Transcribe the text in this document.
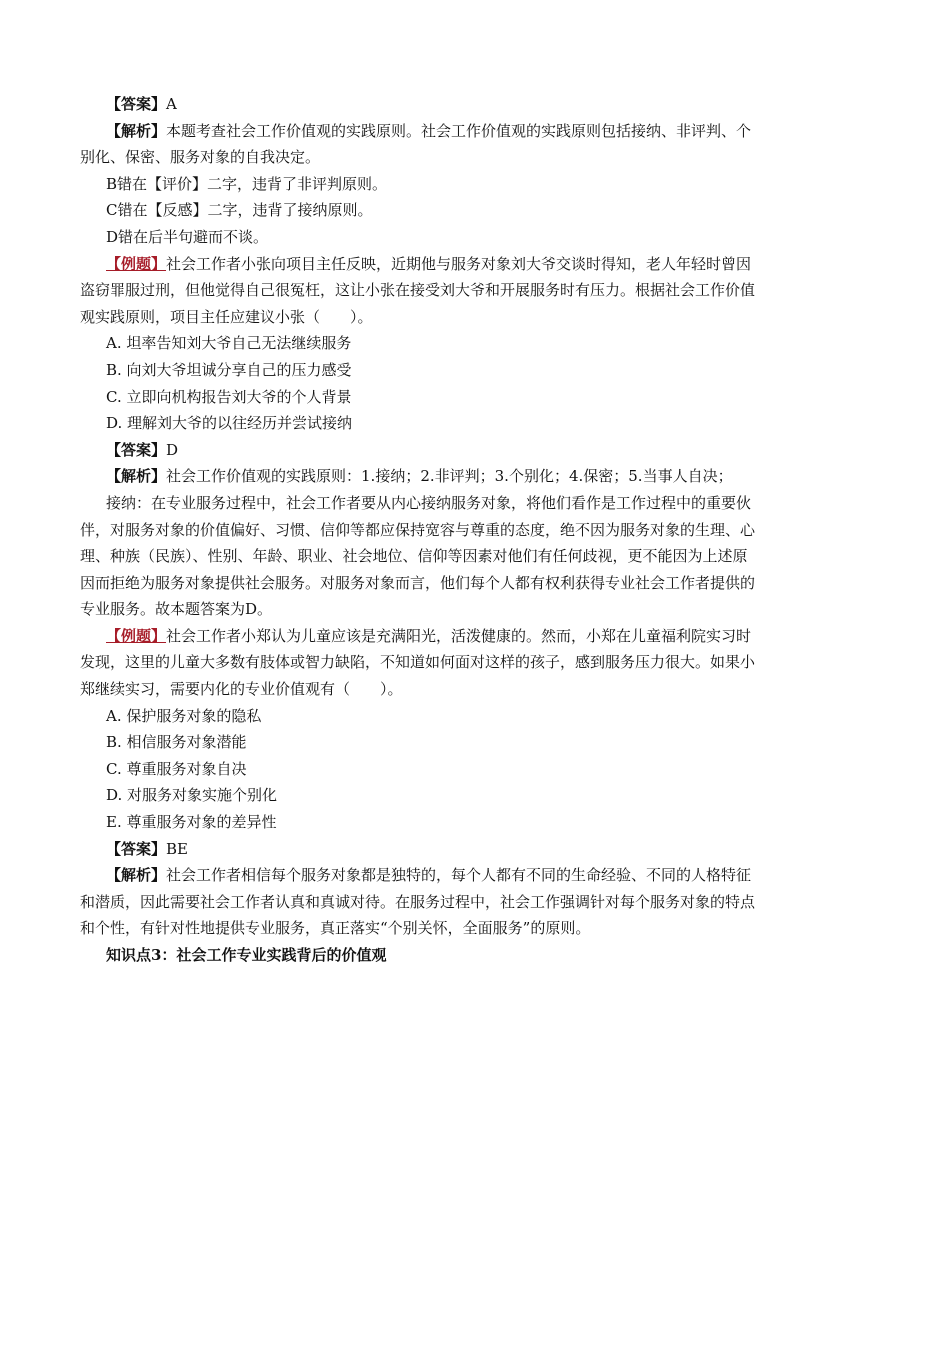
【答案】A

【解析】本题考查社会工作价值观的实践原则。社会工作价值观的实践原则包括接纳、非评判、个

别化、保密、服务对象的自我决定。

B错在【评价】二字，违背了非评判原则。

C错在【反感】二字，违背了接纳原则。

D错在后半句避而不谈。

【例题】社会工作者小张向项目主任反映，近期他与服务对象刘大爷交谈时得知，老人年轻时曾因

盗窃罪服过刑，但他觉得自己很冤枉，这让小张在接受刘大爷和开展服务时有压力。根据社会工作价值

观实践原则，项目主任应建议小张（　　）。

A. 坦率告知刘大爷自己无法继续服务

B. 向刘大爷坦诚分享自己的压力感受

C. 立即向机构报告刘大爷的个人背景

D. 理解刘大爷的以往经历并尝试接纳

【答案】D

【解析】社会工作价值观的实践原则：1.接纳；2.非评判；3.个别化；4.保密；5.当事人自决；

接纳：在专业服务过程中，社会工作者要从内心接纳服务对象，将他们看作是工作过程中的重要伙

伴，对服务对象的价值偏好、习惯、信仰等都应保持宽容与尊重的态度，绝不因为服务对象的生理、心

理、种族（民族）、性别、年龄、职业、社会地位、信仰等因素对他们有任何歧视，更不能因为上述原

因而拒绝为服务对象提供社会服务。对服务对象而言，他们每个人都有权利获得专业社会工作者提供的

专业服务。故本题答案为D。

【例题】社会工作者小郑认为儿童应该是充满阳光，活泼健康的。然而，小郑在儿童福利院实习时

发现，这里的儿童大多数有肢体或智力缺陷，不知道如何面对这样的孩子，感到服务压力很大。如果小

郑继续实习，需要内化的专业价值观有（　　）。

A. 保护服务对象的隐私

B. 相信服务对象潜能

C. 尊重服务对象自决

D. 对服务对象实施个别化

E. 尊重服务对象的差异性

【答案】BE

【解析】社会工作者相信每个服务对象都是独特的，每个人都有不同的生命经验、不同的人格特征

和潜质，因此需要社会工作者认真和真诚对待。在服务过程中，社会工作强调针对每个服务对象的特点

和个性，有针对性地提供专业服务，真正落实“个别关怀，全面服务”的原则。

知识点3：社会工作专业实践背后的价值观
